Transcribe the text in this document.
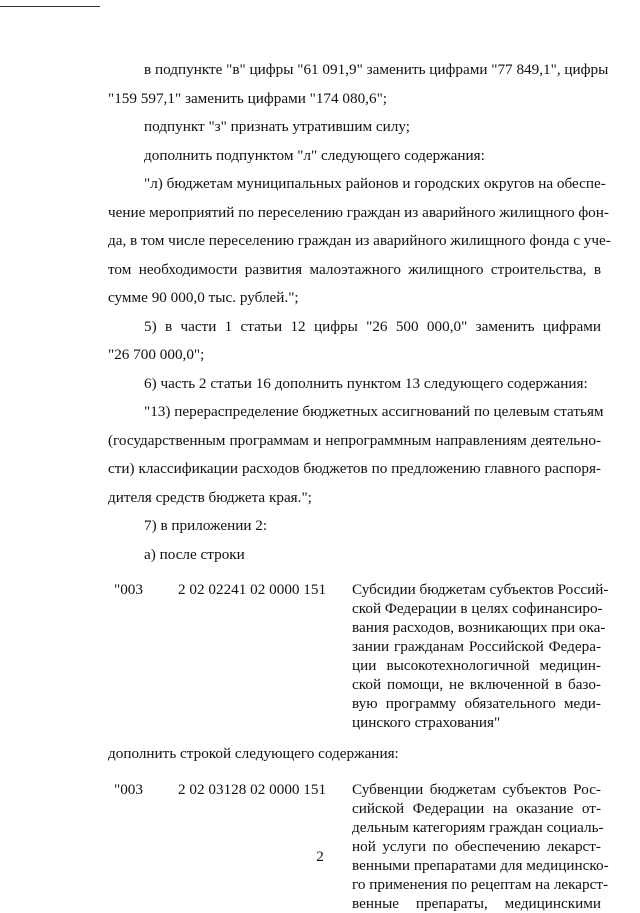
в подпункте "в" цифры "61 091,9" заменить цифрами "77 849,1", цифры
"159 597,1" заменить цифрами "174 080,6";
подпункт "з" признать утратившим силу;
дополнить подпунктом "л" следующего содержания:
"л) бюджетам муниципальных районов и городских округов на обеспе-
чение мероприятий по переселению граждан из аварийного жилищного фон-
да, в том числе переселению граждан из аварийного жилищного фонда с уче-
том необходимости развития малоэтажного жилищного строительства, в
сумме 90 000,0 тыс. рублей.";
5) в части 1 статьи 12 цифры "26 500 000,0" заменить цифрами
"26 700 000,0";
6) часть 2 статьи 16 дополнить пунктом 13 следующего содержания:
"13) перераспределение бюджетных ассигнований по целевым статьям
(государственным программам и непрограммным направлениям деятельно-
сти) классификации расходов бюджетов по предложению главного распоря-
дителя средств бюджета края.";
7) в приложении 2:
а) после строки
"003 2 02 02241 02 0000 151 Субсидии бюджетам субъектов Россий-
ской Федерации в целях софинансиро-
вания расходов, возникающих при ока-
зании гражданам Российской Федера-
ции высокотехнологичной медицин-
ской помощи, не включенной в базо-
вую программу обязательного меди-
цинского страхования"
дополнить строкой следующего содержания:
"003 2 02 03128 02 0000 151 Субвенции бюджетам субъектов Рос-
сийской Федерации на оказание от-
дельным категориям граждан социаль-
ной услуги по обеспечению лекарст-
венными препаратами для медицинско-
го применения по рецептам на лекарст-
венные препараты, медицинскими
2
